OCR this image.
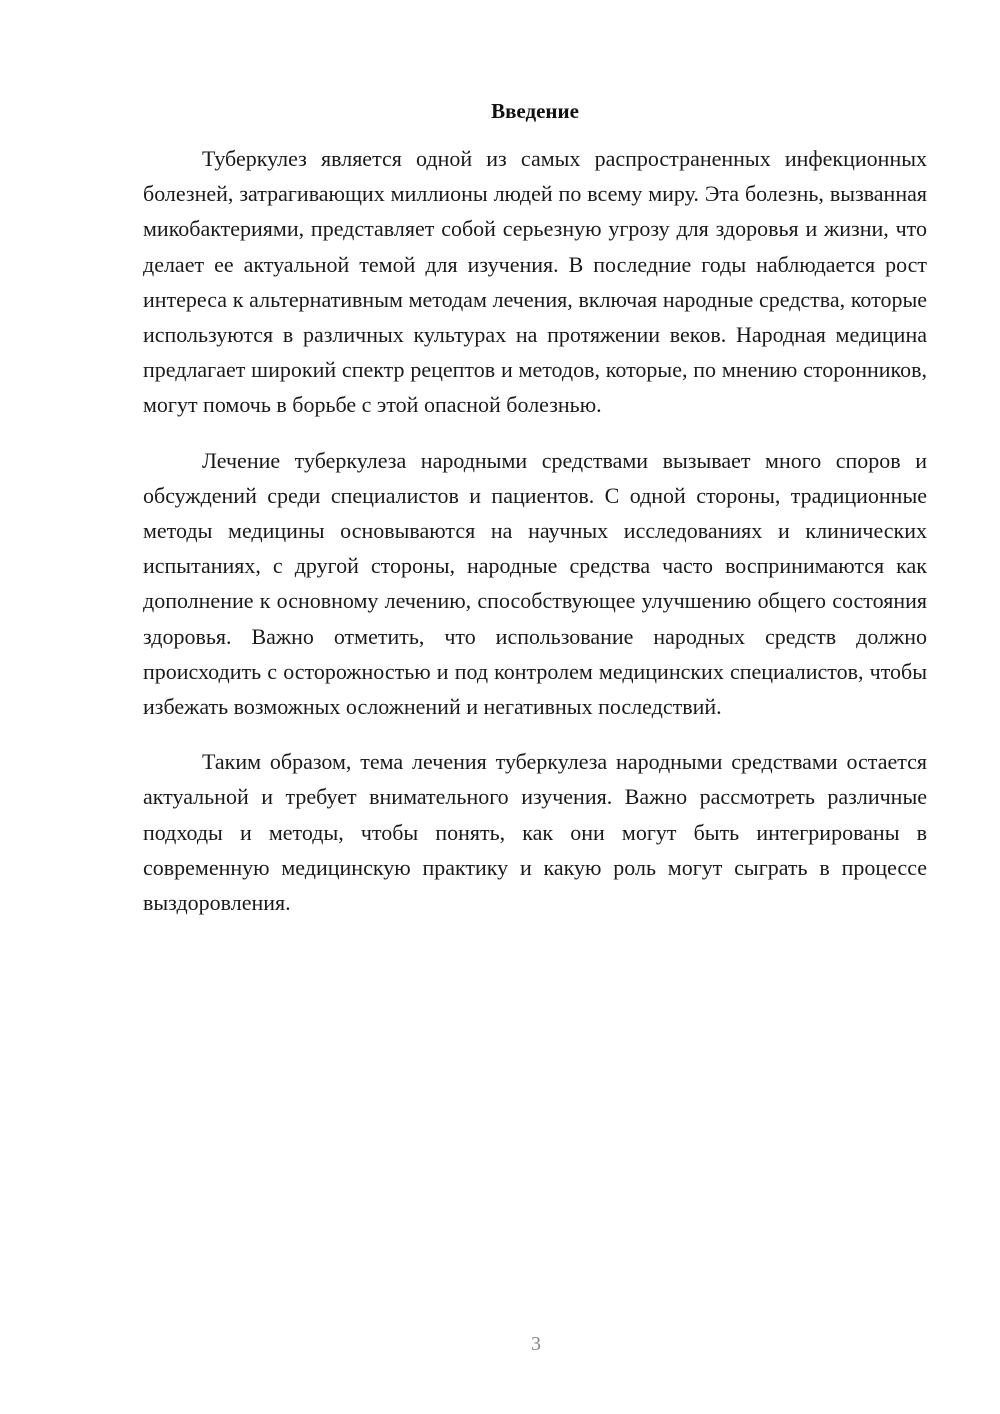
Введение

Туберкулез является одной из самых распространенных инфекционных болезней, затрагивающих миллионы людей по всему миру. Эта болезнь, вызванная микобактериями, представляет собой серьезную угрозу для здоровья и жизни, что делает ее актуальной темой для изучения. В последние годы наблюдается рост интереса к альтернативным методам лечения, включая народные средства, которые используются в различных культурах на протяжении веков. Народная медицина предлагает широкий спектр рецептов и методов, которые, по мнению сторонников, могут помочь в борьбе с этой опасной болезнью.

Лечение туберкулеза народными средствами вызывает много споров и обсуждений среди специалистов и пациентов. С одной стороны, традиционные методы медицины основываются на научных исследованиях и клинических испытаниях, с другой стороны, народные средства часто воспринимаются как дополнение к основному лечению, способствующее улучшению общего состояния здоровья. Важно отметить, что использование народных средств должно происходить с осторожностью и под контролем медицинских специалистов, чтобы избежать возможных осложнений и негативных последствий.

Таким образом, тема лечения туберкулеза народными средствами остается актуальной и требует внимательного изучения. Важно рассмотреть различные подходы и методы, чтобы понять, как они могут быть интегрированы в современную медицинскую практику и какую роль могут сыграть в процессе выздоровления.

3
